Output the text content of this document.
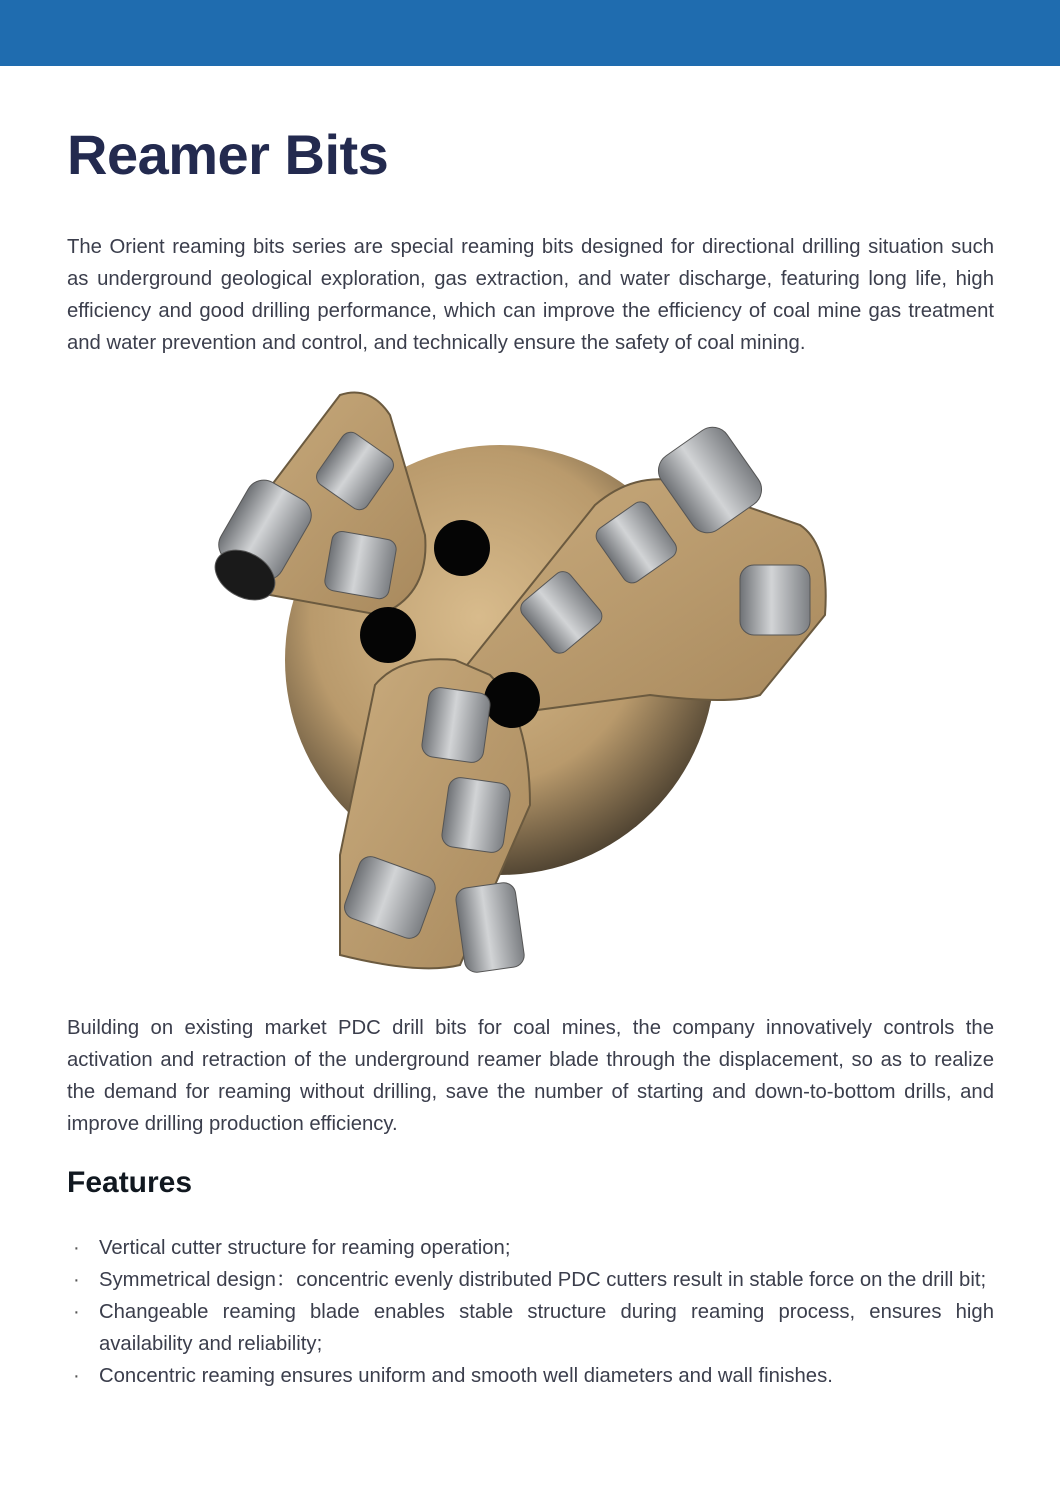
Reamer Bits

The Orient reaming bits series are special reaming bits designed for directional drilling situation such as underground geological exploration, gas extraction, and water discharge, featuring long life, high efficiency and good drilling performance, which can improve the efficiency of coal mine gas treatment and water prevention and control, and technically ensure the safety of coal mining.

Building on existing market PDC drill bits for coal mines, the company innovatively controls the activation and retraction of the underground reamer blade through the displacement, so as to realize the demand for reaming without drilling, save the number of starting and down-to-bottom drills, and improve drilling production efficiency.

Features
· Vertical cutter structure for reaming operation;
· Symmetrical design：concentric evenly distributed PDC cutters result in stable force on the drill bit;
· Changeable reaming blade enables stable structure during reaming process, ensures high availability and reliability;
· Concentric reaming ensures uniform and smooth well diameters and wall finishes.
